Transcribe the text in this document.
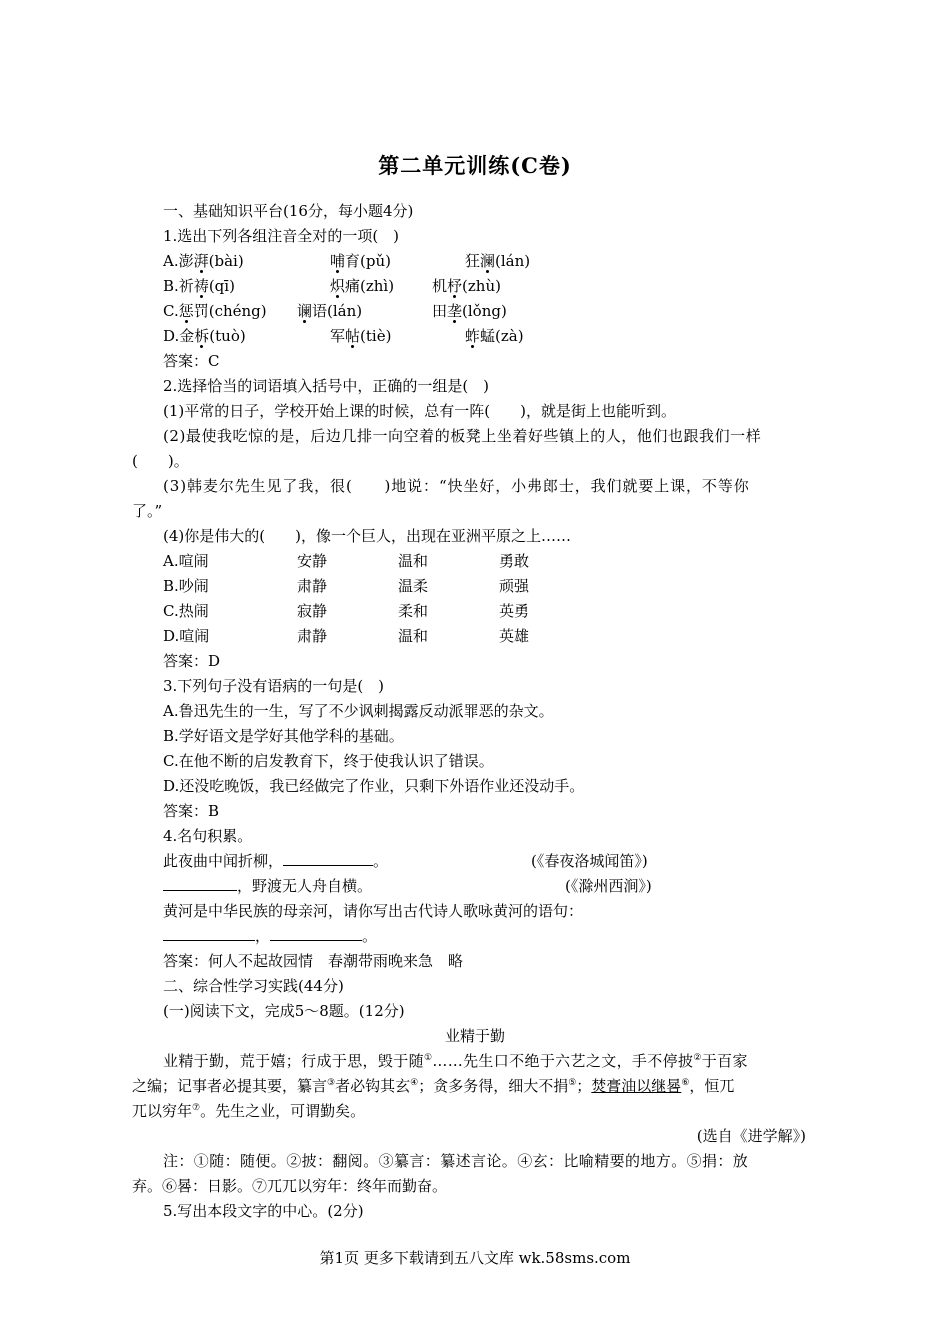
第二单元训练(C卷)
一、基础知识平台(16分，每小题4分)
1.选出下列各组注音全对的一项(　)
A.澎湃(bài)	哺育(pǔ)	狂澜(lán)
B.祈祷(qī)	炽痛(zhì)	机杼(zhù)
C.惩罚(chéng) 谰语(lán)	田垄(lǒng)
D.金柝(tuò)	军帖(tiè)	蚱蜢(zà)
答案：C
2.选择恰当的词语填入括号中，正确的一组是(　)
(1)平常的日子，学校开始上课的时候，总有一阵(　　)，就是街上也能听到。
(2)最使我吃惊的是，后边几排一向空着的板凳上坐着好些镇上的人，他们也跟我们一样
(　　)。
(3)韩麦尔先生见了我，很(　　)地说：“快坐好，小弗郎士，我们就要上课，不等你
了。”
(4)你是伟大的(　　)，像一个巨人，出现在亚洲平原之上……
A.喧闹	安静	温和	勇敢
B.吵闹	肃静	温柔	顽强
C.热闹	寂静	柔和	英勇
D.喧闹	肃静	温和	英雄
答案：D
3.下列句子没有语病的一句是(　)
A.鲁迅先生的一生，写了不少讽刺揭露反动派罪恶的杂文。
B.学好语文是学好其他学科的基础。
C.在他不断的启发教育下，终于使我认识了错误。
D.还没吃晚饭，我已经做完了作业，只剩下外语作业还没动手。
答案：B
4.名句积累。
此夜曲中闻折柳，	。	(《春夜洛城闻笛》)
，野渡无人舟自横。	(《滁州西涧》)
黄河是中华民族的母亲河，请你写出古代诗人歌咏黄河的语句：
，	。
答案：何人不起故园情　春潮带雨晚来急　略
二、综合性学习实践(44分)
(一)阅读下文，完成5～8题。(12分)
业精于勤
业精于勤，荒于嬉；行成于思，毁于随①……先生口不绝于六艺之文，手不停披②于百家
之编；记事者必提其要，纂言③者必钩其玄④；贪多务得，细大不捐⑤；焚膏油以继晷⑥，恒兀
兀以穷年⑦。先生之业，可谓勤矣。
(选自《进学解》)
注：①随：随便。②披：翻阅。③纂言：纂述言论。④玄：比喻精要的地方。⑤捐：放
弃。⑥晷：日影。⑦兀兀以穷年：终年而勤奋。
5.写出本段文字的中心。(2分)
第1页 更多下载请到五八文库 wk.58sms.com
